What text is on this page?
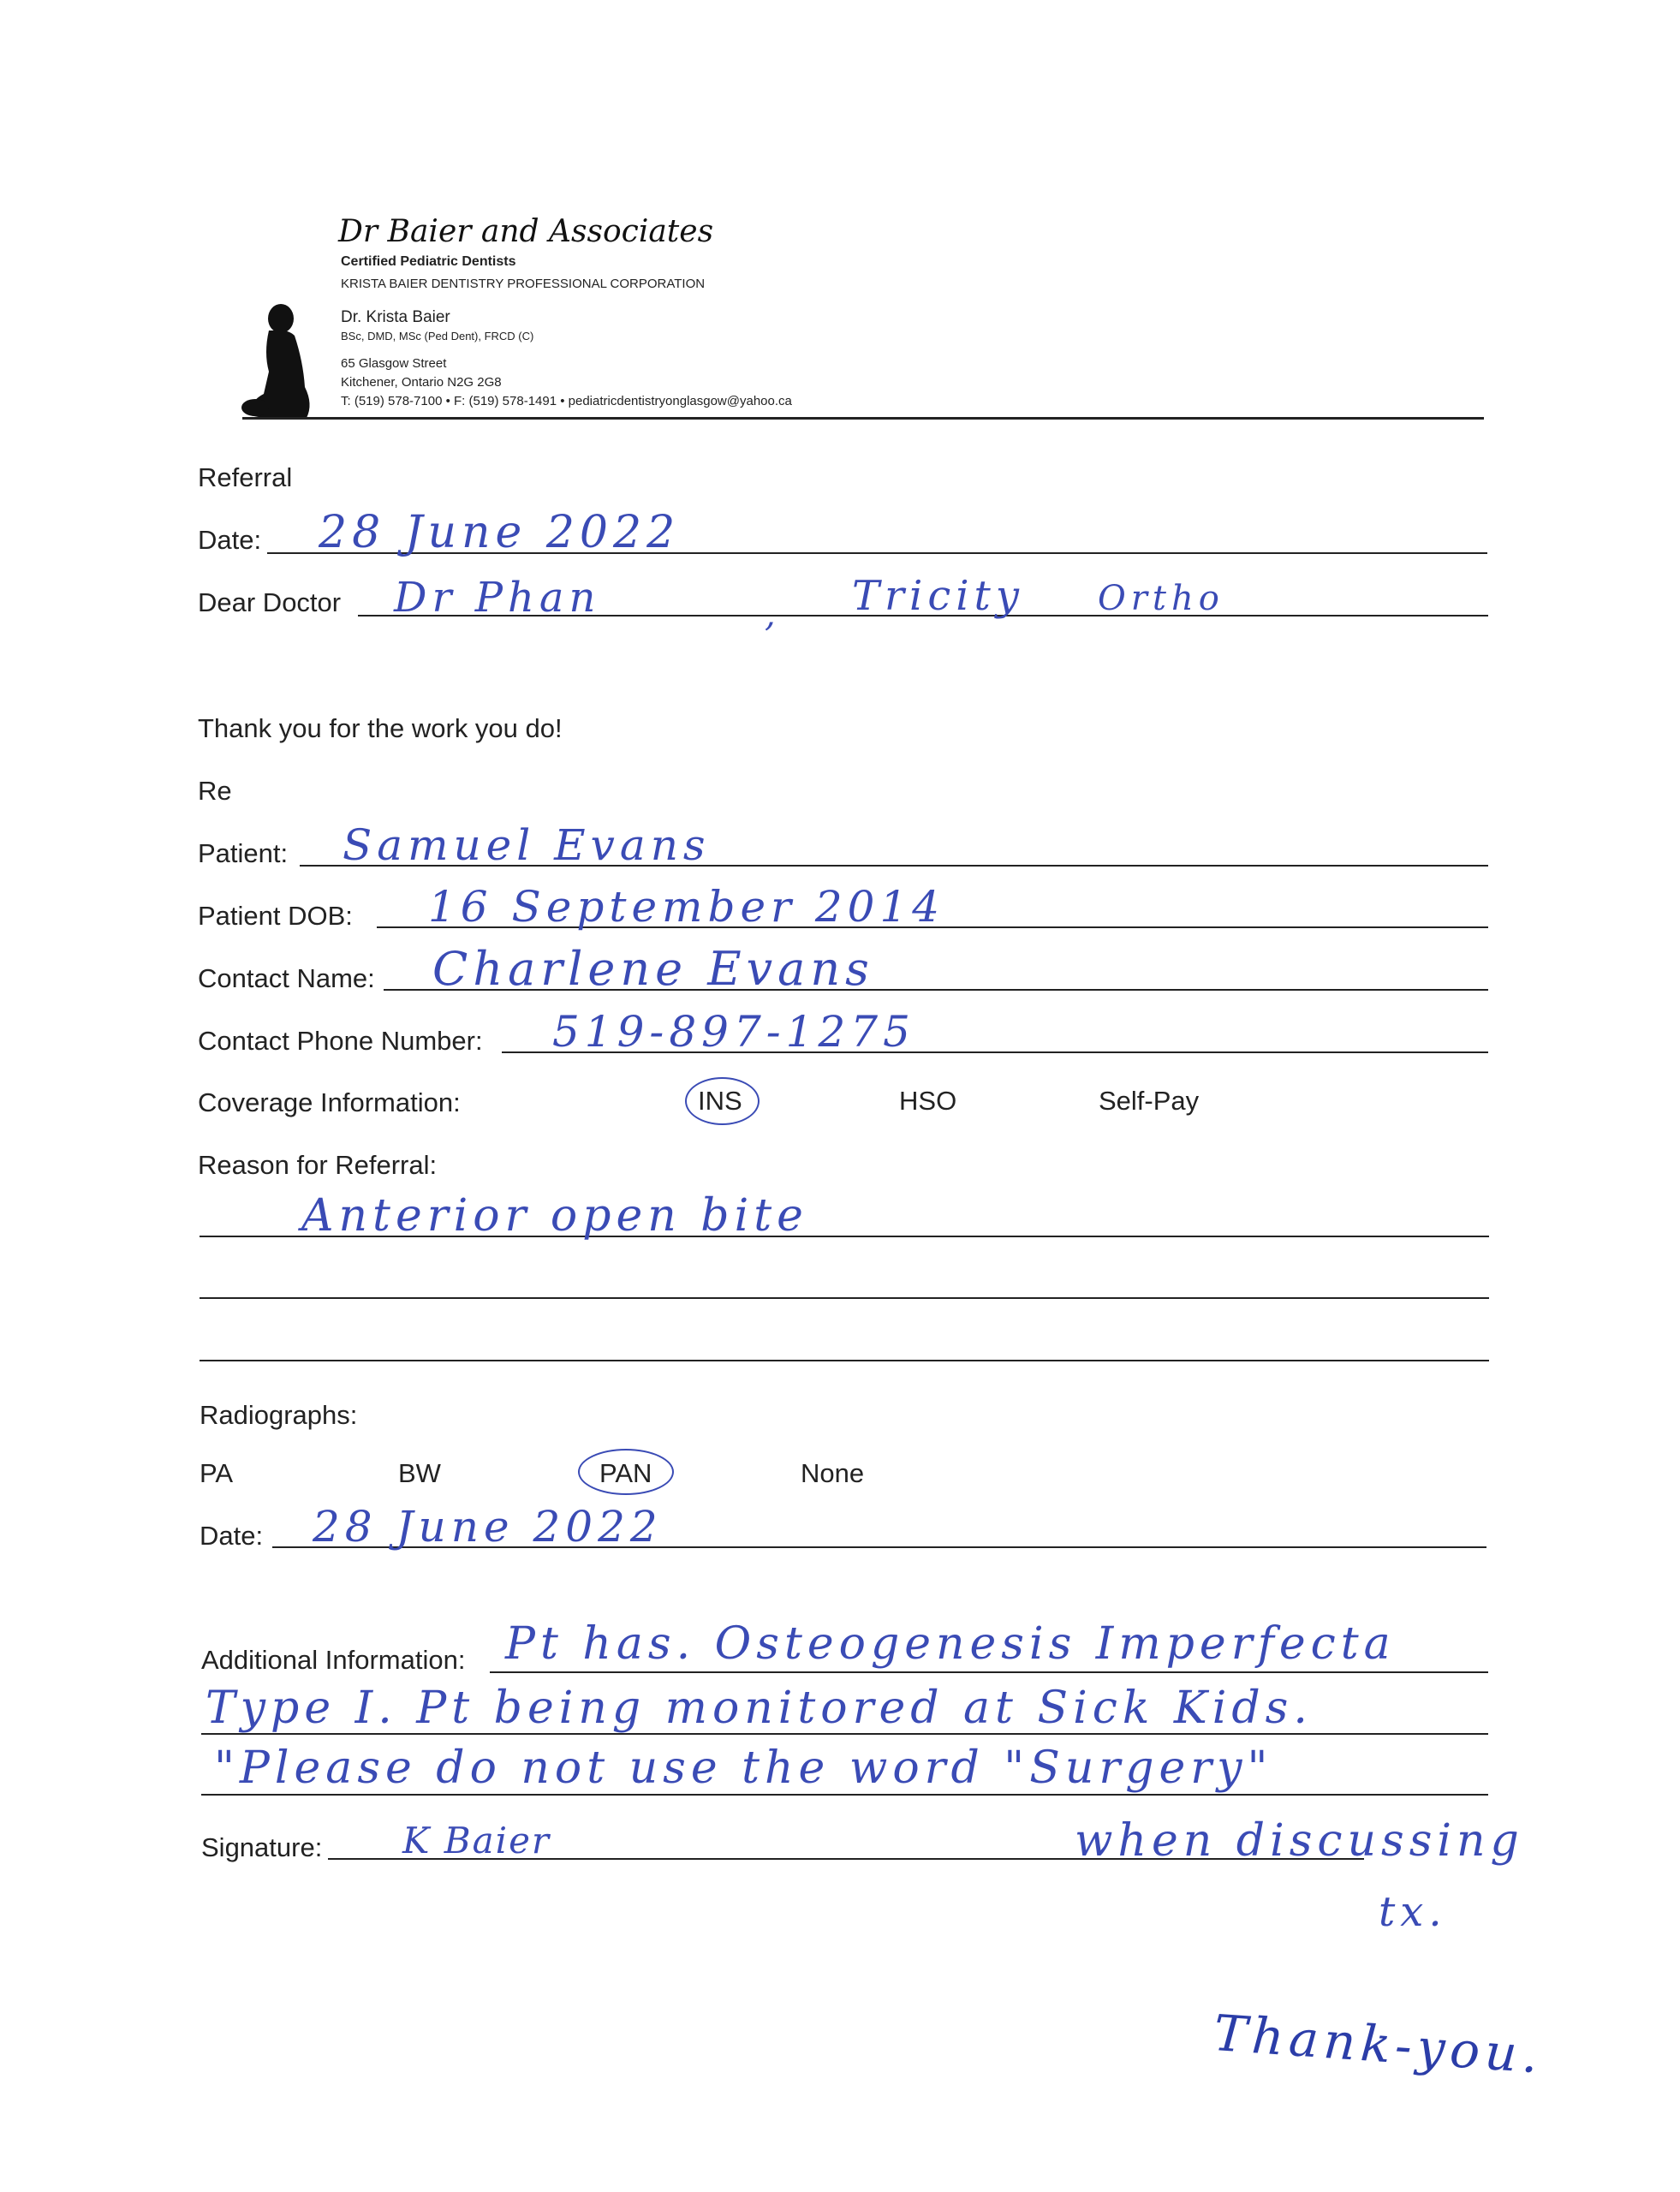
Dr Baier and Associates
Certified Pediatric Dentists
KRISTA BAIER DENTISTRY PROFESSIONAL CORPORATION
Dr. Krista Baier
BSc, DMD, MSc (Ped Dent), FRCD (C)
65 Glasgow Street
Kitchener, Ontario N2G 2G8
T: (519) 578-7100 • F: (519) 578-1491 • pediatricdentistryonglasgow@yahoo.ca
Referral
Date: 28 June 2022
Dear Doctor Dr Phan	, Tricity Ortho
Thank you for the work you do!
Re
Patient: Samuel Evans
Patient DOB: 16 September 2014
Contact Name: Charlene Evans
Contact Phone Number: 519-897-1275
Coverage Information:	INS	HSO	Self-Pay
Reason for Referral:
Anterior open bite
Radiographs:
PA	BW	PAN	None
Date: 28 June 2022
Additional Information: Pt has. Osteogenesis Imperfecta
Type I. Pt being monitored at Sick Kids.
"Please do not use the word "Surgery"
Signature: K Baier	when discussing
tx.
Thank-you.
